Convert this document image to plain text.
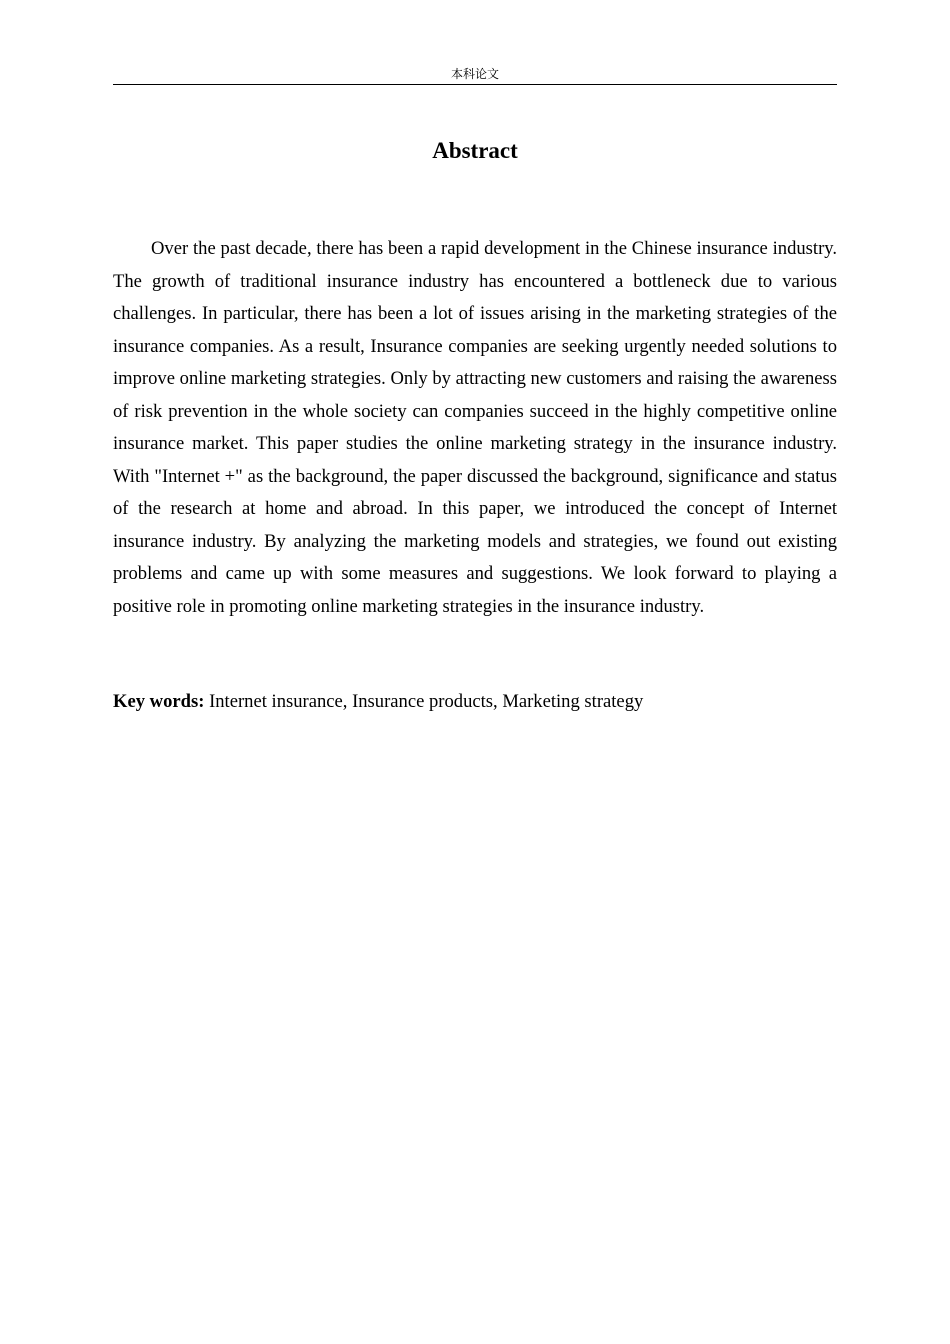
本科论文
Abstract

Over the past decade, there has been a rapid development in the Chinese insurance industry. The growth of traditional insurance industry has encountered a bottleneck due to various challenges. In particular, there has been a lot of issues arising in the marketing strategies of the insurance companies. As a result, Insurance companies are seeking urgently needed solutions to improve online marketing strategies. Only by attracting new customers and raising the awareness of risk prevention in the whole society can companies succeed in the highly competitive online insurance market. This paper studies the online marketing strategy in the insurance industry. With "Internet +" as the background, the paper discussed the background, significance and status of the research at home and abroad. In this paper, we introduced the concept of Internet insurance industry. By analyzing the marketing models and strategies, we found out existing problems and came up with some measures and suggestions. We look forward to playing a positive role in promoting online marketing strategies in the insurance industry.

Key words: Internet insurance, Insurance products, Marketing strategy
